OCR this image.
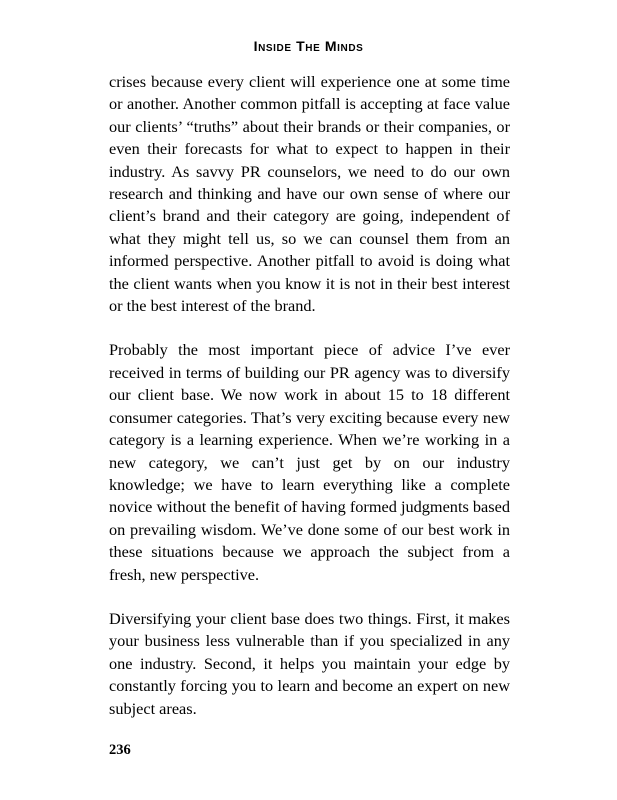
Inside The Minds

crises because every client will experience one at some time or another. Another common pitfall is accepting at face value our clients’ “truths” about their brands or their companies, or even their forecasts for what to expect to happen in their industry. As savvy PR counselors, we need to do our own research and thinking and have our own sense of where our client’s brand and their category are going, independent of what they might tell us, so we can counsel them from an informed perspective. Another pitfall to avoid is doing what the client wants when you know it is not in their best interest or the best interest of the brand.

Probably the most important piece of advice I’ve ever received in terms of building our PR agency was to diversify our client base. We now work in about 15 to 18 different consumer categories. That’s very exciting because every new category is a learning experience. When we’re working in a new category, we can’t just get by on our industry knowledge; we have to learn everything like a complete novice without the benefit of having formed judgments based on prevailing wisdom. We’ve done some of our best work in these situations because we approach the subject from a fresh, new perspective.

Diversifying your client base does two things. First, it makes your business less vulnerable than if you specialized in any one industry. Second, it helps you maintain your edge by constantly forcing you to learn and become an expert on new subject areas.

236
